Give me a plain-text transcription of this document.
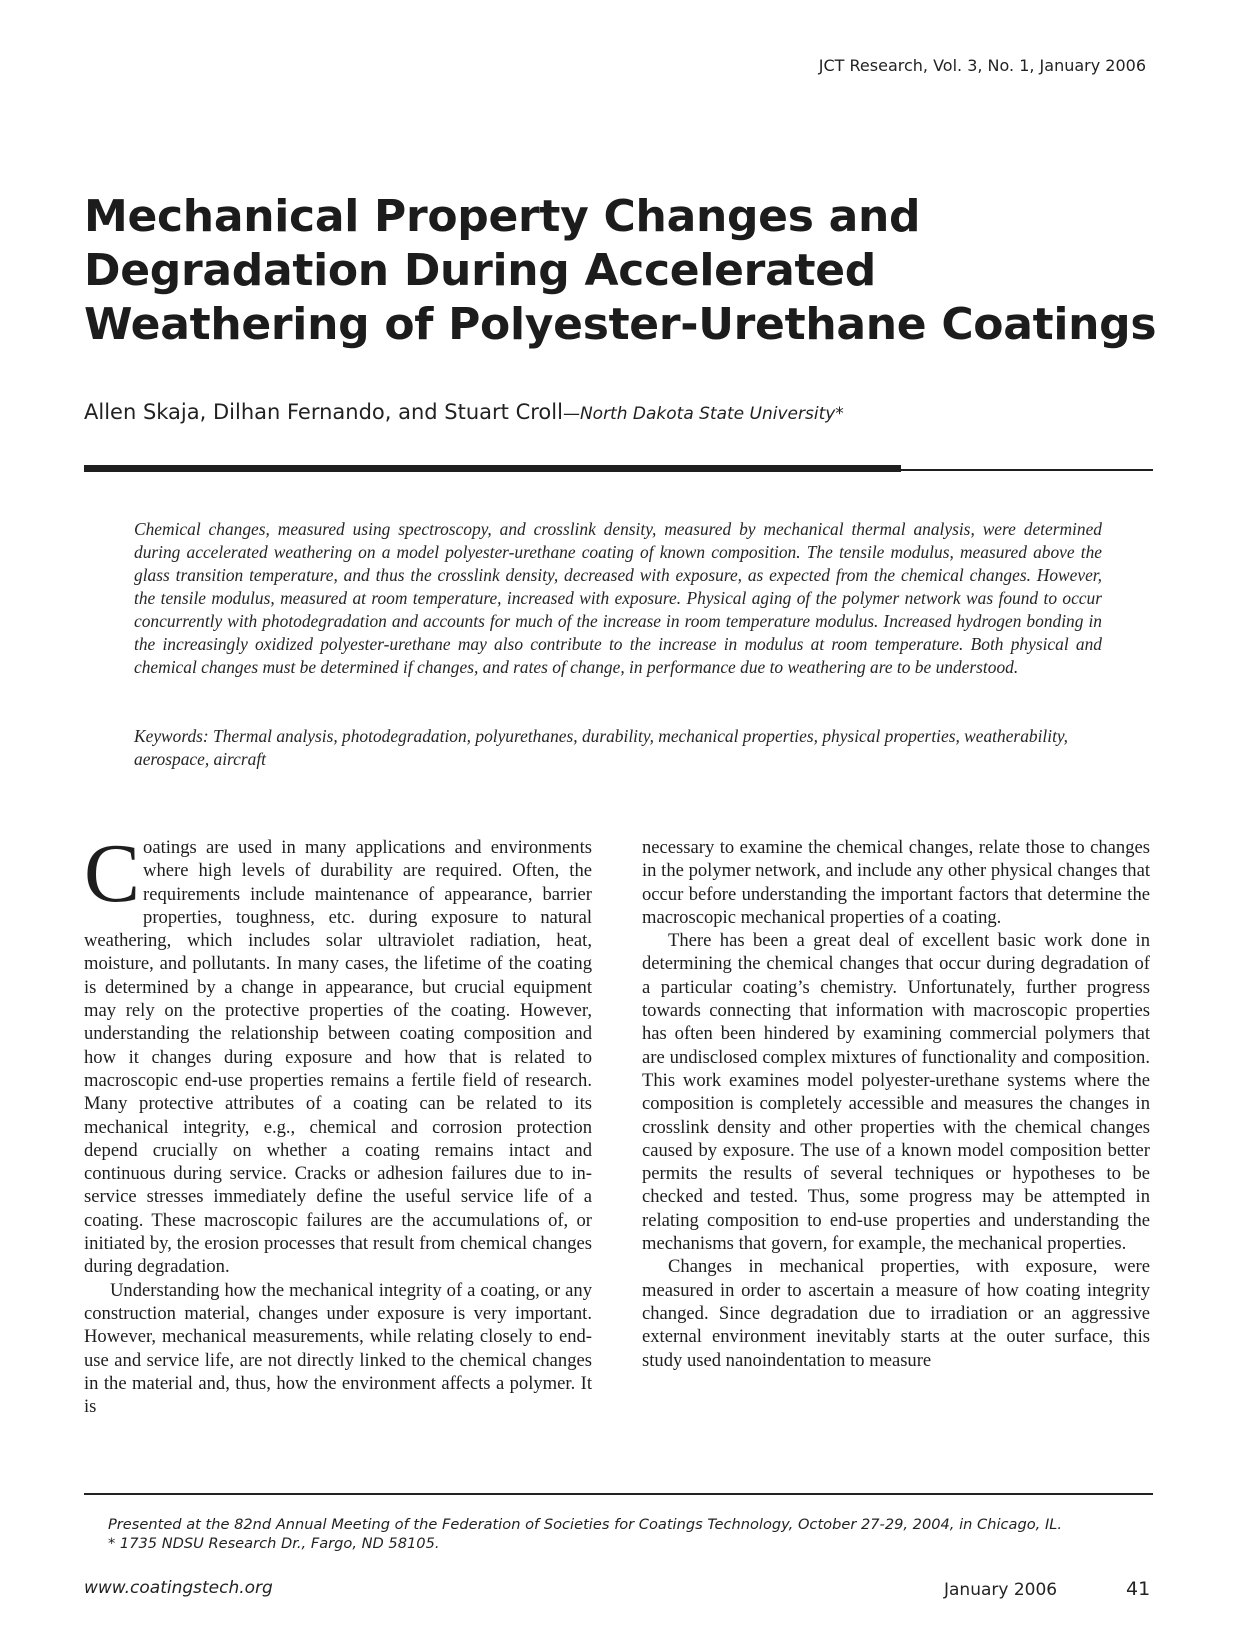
JCT Research, Vol. 3, No. 1, January 2006
Mechanical Property Changes and Degradation During Accelerated Weathering of Polyester-Urethane Coatings
Allen Skaja, Dilhan Fernando, and Stuart Croll—North Dakota State University*

Chemical changes, measured using spectroscopy, and crosslink density, measured by mechanical thermal analysis, were determined during accelerated weathering on a model polyester-urethane coating of known composition. The tensile modulus, measured above the glass transition temperature, and thus the crosslink density, decreased with exposure, as expected from the chemical changes. However, the tensile modulus, measured at room temperature, increased with exposure. Physical aging of the polymer network was found to occur concurrently with photodegradation and accounts for much of the increase in room temperature modulus. Increased hydrogen bonding in the increasingly oxidized polyester-urethane may also contribute to the increase in modulus at room temperature. Both physical and chemical changes must be determined if changes, and rates of change, in performance due to weathering are to be understood.

Keywords: Thermal analysis, photodegradation, polyurethanes, durability, mechanical properties, physical properties, weatherability, aerospace, aircraft

Coatings are used in many applications and environments where high levels of durability are required. Often, the requirements include maintenance of appearance, barrier properties, toughness, etc. during exposure to natural weathering, which includes solar ultraviolet radiation, heat, moisture, and pollutants. In many cases, the lifetime of the coating is determined by a change in appearance, but crucial equipment may rely on the protective properties of the coating. However, understanding the relationship between coating composition and how it changes during exposure and how that is related to macroscopic end-use properties remains a fertile field of research. Many protective attributes of a coating can be related to its mechanical integrity, e.g., chemical and corrosion protection depend crucially on whether a coating remains intact and continuous during service. Cracks or adhesion failures due to in-service stresses immediately define the useful service life of a coating. These macroscopic failures are the accumulations of, or initiated by, the erosion processes that result from chemical changes during degradation.

Understanding how the mechanical integrity of a coating, or any construction material, changes under exposure is very important. However, mechanical measurements, while relating closely to end-use and service life, are not directly linked to the chemical changes in the material and, thus, how the environment affects a polymer. It is

necessary to examine the chemical changes, relate those to changes in the polymer network, and include any other physical changes that occur before understanding the important factors that determine the macroscopic mechanical properties of a coating.

There has been a great deal of excellent basic work done in determining the chemical changes that occur during degradation of a particular coating’s chemistry. Unfortunately, further progress towards connecting that information with macroscopic properties has often been hindered by examining commercial polymers that are undisclosed complex mixtures of functionality and composition. This work examines model polyester-urethane systems where the composition is completely accessible and measures the changes in crosslink density and other properties with the chemical changes caused by exposure. The use of a known model composition better permits the results of several techniques or hypotheses to be checked and tested. Thus, some progress may be attempted in relating composition to end-use properties and understanding the mechanisms that govern, for example, the mechanical properties.

Changes in mechanical properties, with exposure, were measured in order to ascertain a measure of how coating integrity changed. Since degradation due to irradiation or an aggressive external environment inevitably starts at the outer surface, this study used nanoindentation to measure

Presented at the 82nd Annual Meeting of the Federation of Societies for Coatings Technology, October 27-29, 2004, in Chicago, IL.

* 1735 NDSU Research Dr., Fargo, ND 58105.

www.coatingstech.org	January 2006	41
